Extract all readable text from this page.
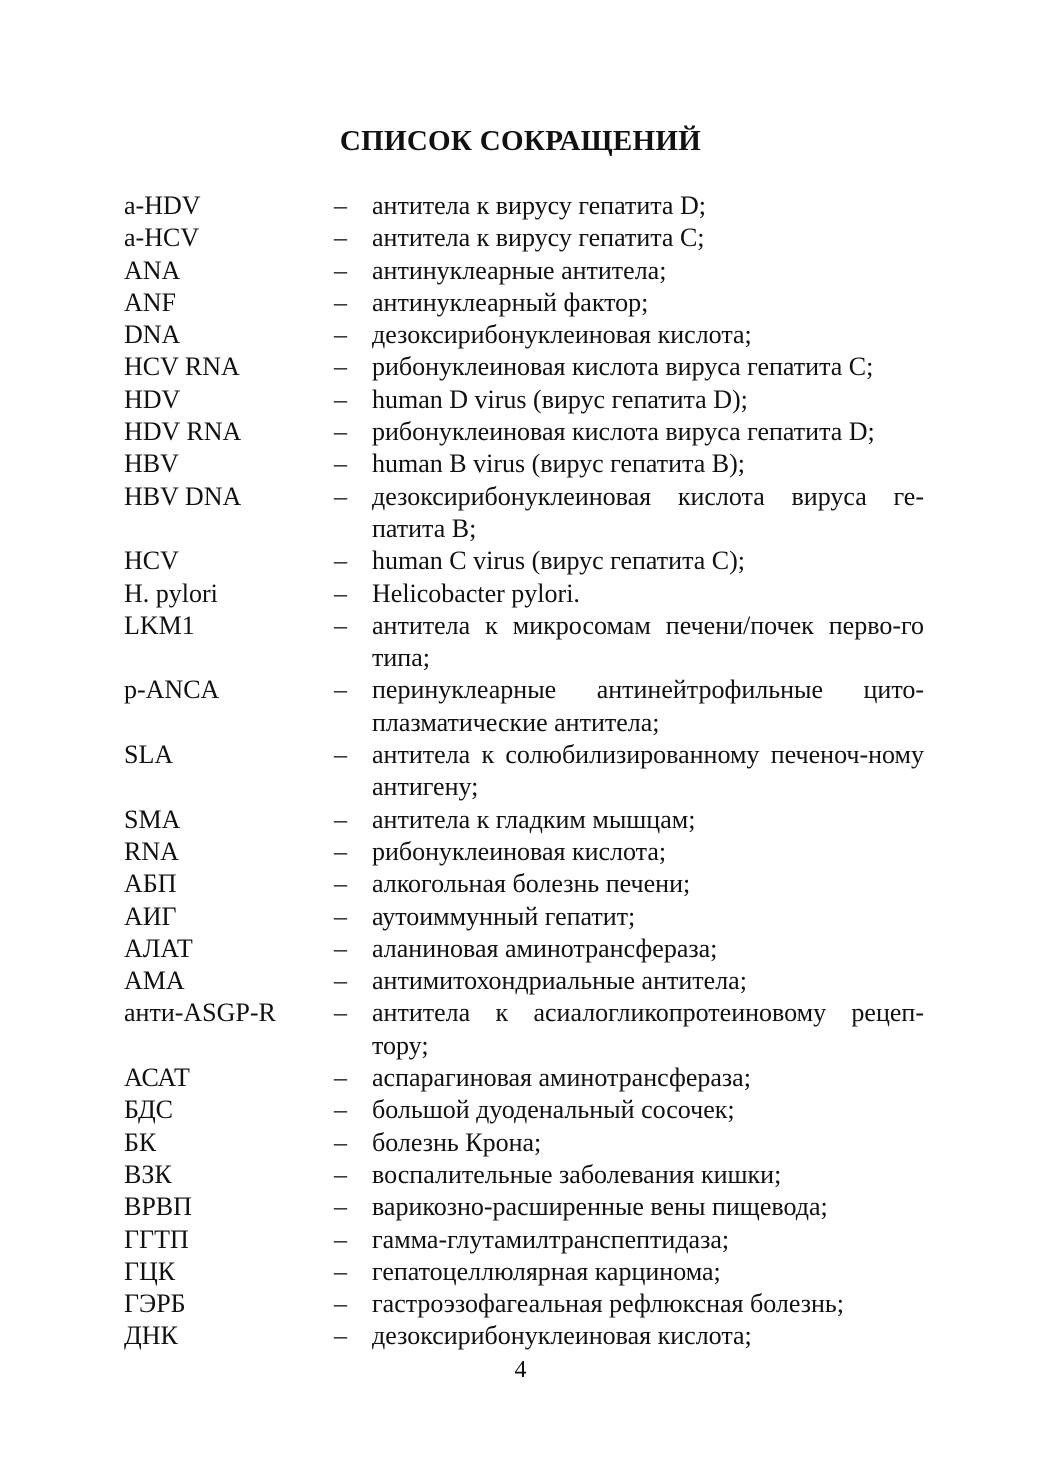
СПИСОК СОКРАЩЕНИЙ
a-HDV	– антитела к вирусу гепатита D;
a-HCV	– антитела к вирусу гепатита C;
ANA	– антинуклеарные антитела;
ANF	– антинуклеарный фактор;
DNA	– дезоксирибонуклеиновая кислота;
HCV RNA	– рибонуклеиновая кислота вируса гепатита C;
HDV	– human D virus (вирус гепатита D);
HDV RNA	– рибонуклеиновая кислота вируса гепатита D;
HBV	– human B virus (вирус гепатита B);
HBV DNA	– дезоксирибонуклеиновая кислота вируса ге-патита B;
HCV	– human C virus (вирус гепатита C);
H. pylori	– Helicobacter pylori.
LKM1	– антитела к микросомам печени/почек перво-го типа;
p-ANCA	– перинуклеарные антинейтрофильные цито-плазматические антитела;
SLA	– антитела к солюбилизированному печеноч-ному антигену;
SMA	– антитела к гладким мышцам;
RNA	– рибонуклеиновая кислота;
АБП	– алкогольная болезнь печени;
АИГ	– аутоиммунный гепатит;
АЛАТ	– аланиновая аминотрансфераза;
АМА	– антимитохондриальные антитела;
анти-ASGP-R	– антитела к асиалогликопротеиновому рецеп-тору;
АСАТ	– аспарагиновая аминотрансфераза;
БДС	– большой дуоденальный сосочек;
БК	– болезнь Крона;
ВЗК	– воспалительные заболевания кишки;
ВРВП	– варикозно-расширенные вены пищевода;
ГГТП	– гамма-глутамилтранспептидаза;
ГЦК	– гепатоцеллюлярная карцинома;
ГЭРБ	– гастроэзофагеальная рефлюксная болезнь;
ДНК	– дезоксирибонуклеиновая кислота;
4
